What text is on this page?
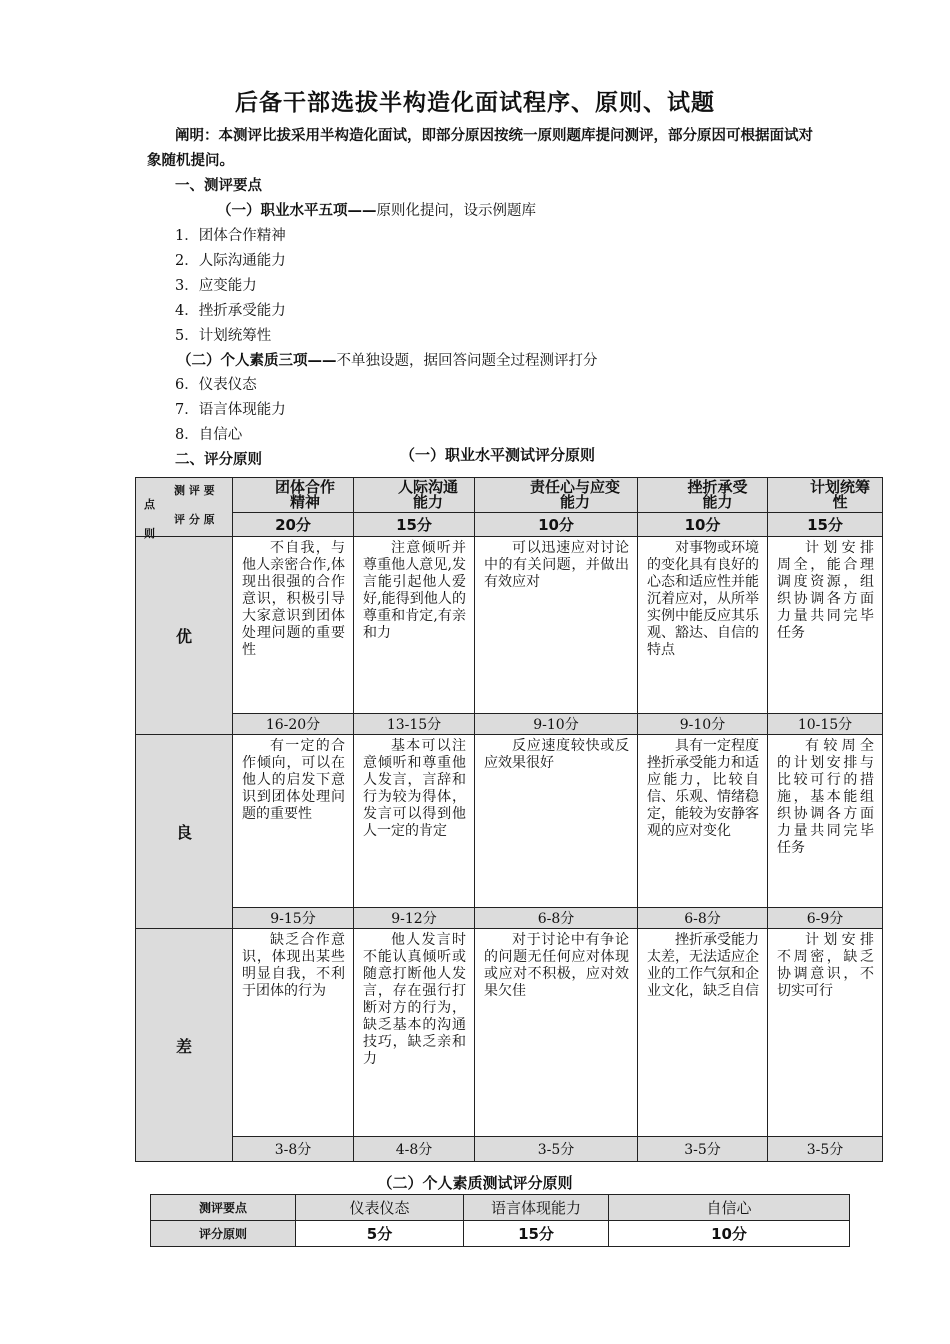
后备干部选拔半构造化面试程序、原则、试题
阐明：本测评比拔采用半构造化面试，即部分原因按统一原则题库提问测评，部分原因可根据面试对象随机提问。
一、测评要点
（一）职业水平五项——原则化提问，设示例题库
1．团体合作精神
2．人际沟通能力
3．应变能力
4．挫折承受能力
5．计划统筹性
（二）个人素质三项——不单独设题，据回答问题全过程测评打分
6．仪表仪态
7．语言体现能力
8．自信心
二、评分原则	（一）职业水平测试评分原则
测 评 要
点
评 分 原
则	团体合作精神	人际沟通能力	责任心与应变能力	挫折承受能力	计划统筹性
	20分	15分	10分	10分	15分
优	不自我，与他人亲密合作,体现出很强的合作意识，积极引导大家意识到团体处理问题的重要性	注意倾听并尊重他人意见,发言能引起他人爱好,能得到他人的尊重和肯定,有亲和力	可以迅速应对讨论中的有关问题，并做出有效应对	对事物或环境的变化具有良好的心态和适应性并能沉着应对，从所举实例中能反应其乐观、豁达、自信的特点	计划安排周全，能合理调度资源，组织协调各方面力量共同完毕任务
	16-20分	13-15分	9-10分	9-10分	10-15分
良	有一定的合作倾向，可以在他人的启发下意识到团体处理问题的重要性	基本可以注意倾听和尊重他人发言，言辞和行为较为得体，发言可以得到他人一定的肯定	反应速度较快或反应效果很好	具有一定程度挫折承受能力和适应能力，比较自信、乐观、情绪稳定，能较为安静客观的应对变化	有较周全的计划安排与比较可行的措施，基本能组织协调各方面力量共同完毕任务
	9-15分	9-12分	6-8分	6-8分	6-9分
差	缺乏合作意识，体现出某些明显自我，不利于团体的行为	他人发言时不能认真倾听或随意打断他人发言，存在强行打断对方的行为，缺乏基本的沟通技巧，缺乏亲和力	对于讨论中有争论的问题无任何应对体现或应对不积极，应对效果欠佳	挫折承受能力太差，无法适应企业的工作气氛和企业文化，缺乏自信	计划安排不周密，缺乏协调意识，不切实可行
	3-8分	4-8分	3-5分	3-5分	3-5分
（二）个人素质测试评分原则
测评要点	仪表仪态	语言体现能力	自信心
评分原则	5分	15分	10分
